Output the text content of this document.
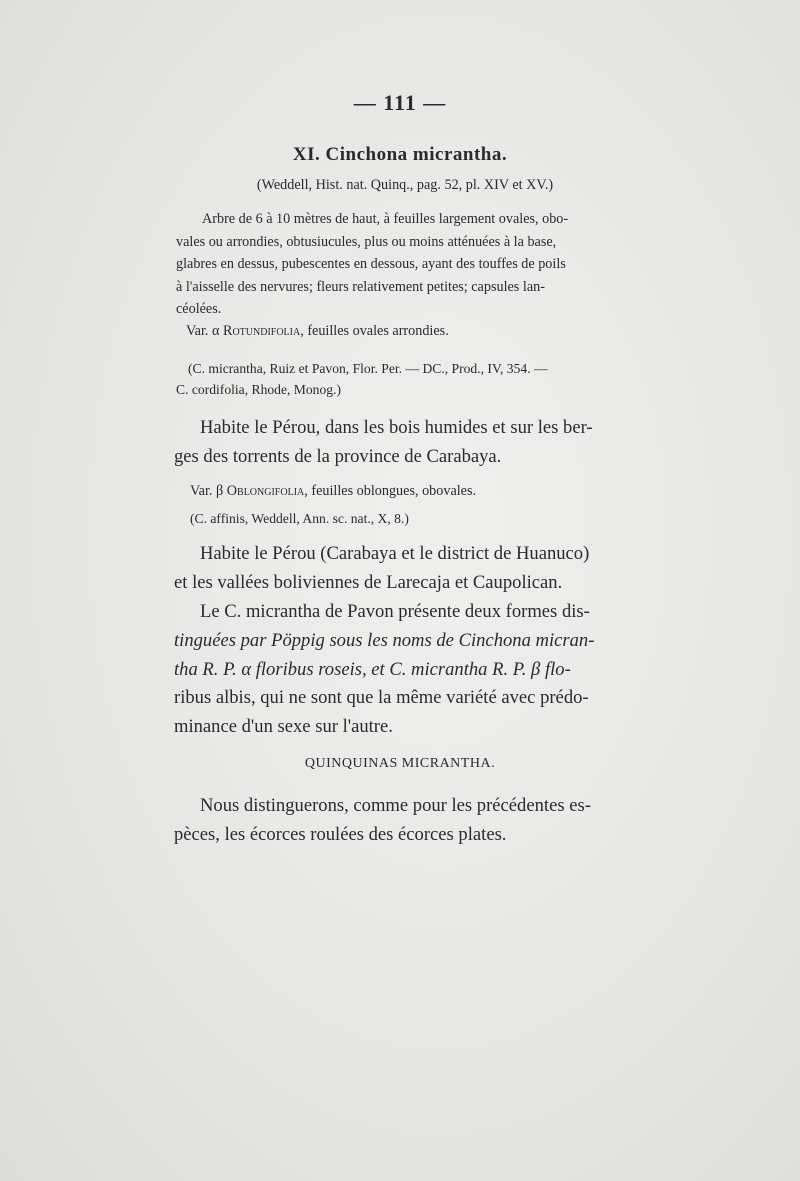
— 111 —
XI. Cinchona micrantha.
(Weddell, Hist. nat. Quinq., pag. 52, pl. XIV et XV.)
Arbre de 6 à 10 mètres de haut, à feuilles largement ovales, obo-
vales ou arrondies, obtusiucules, plus ou moins atténuées à la base,
glabres en dessus, pubescentes en dessous, ayant des touffes de poils
à l'aisselle des nervures; fleurs relativement petites; capsules lan-
céolées.
Var. α Rotundifolia, feuilles ovales arrondies.
(C. micrantha, Ruiz et Pavon, Flor. Per. — DC., Prod., IV, 354. —
C. cordifolia, Rhode, Monog.)
Habite le Pérou, dans les bois humides et sur les ber-
ges des torrents de la province de Carabaya.
Var. β Oblongifolia, feuilles oblongues, obovales.
(C. affinis, Weddell, Ann. sc. nat., X, 8.)
Habite le Pérou (Carabaya et le district de Huanuco)
et les vallées boliviennes de Larecaja et Caupolican.
Le C. micrantha de Pavon présente deux formes dis-
tinguées par Pöppig sous les noms de Cinchona micran-
tha R. P. α floribus roseis, et C. micrantha R. P. β flo-
ribus albis, qui ne sont que la même variété avec prédo-
minance d'un sexe sur l'autre.
QUINQUINAS MICRANTHA.
Nous distinguerons, comme pour les précédentes es-
pèces, les écorces roulées des écorces plates.
